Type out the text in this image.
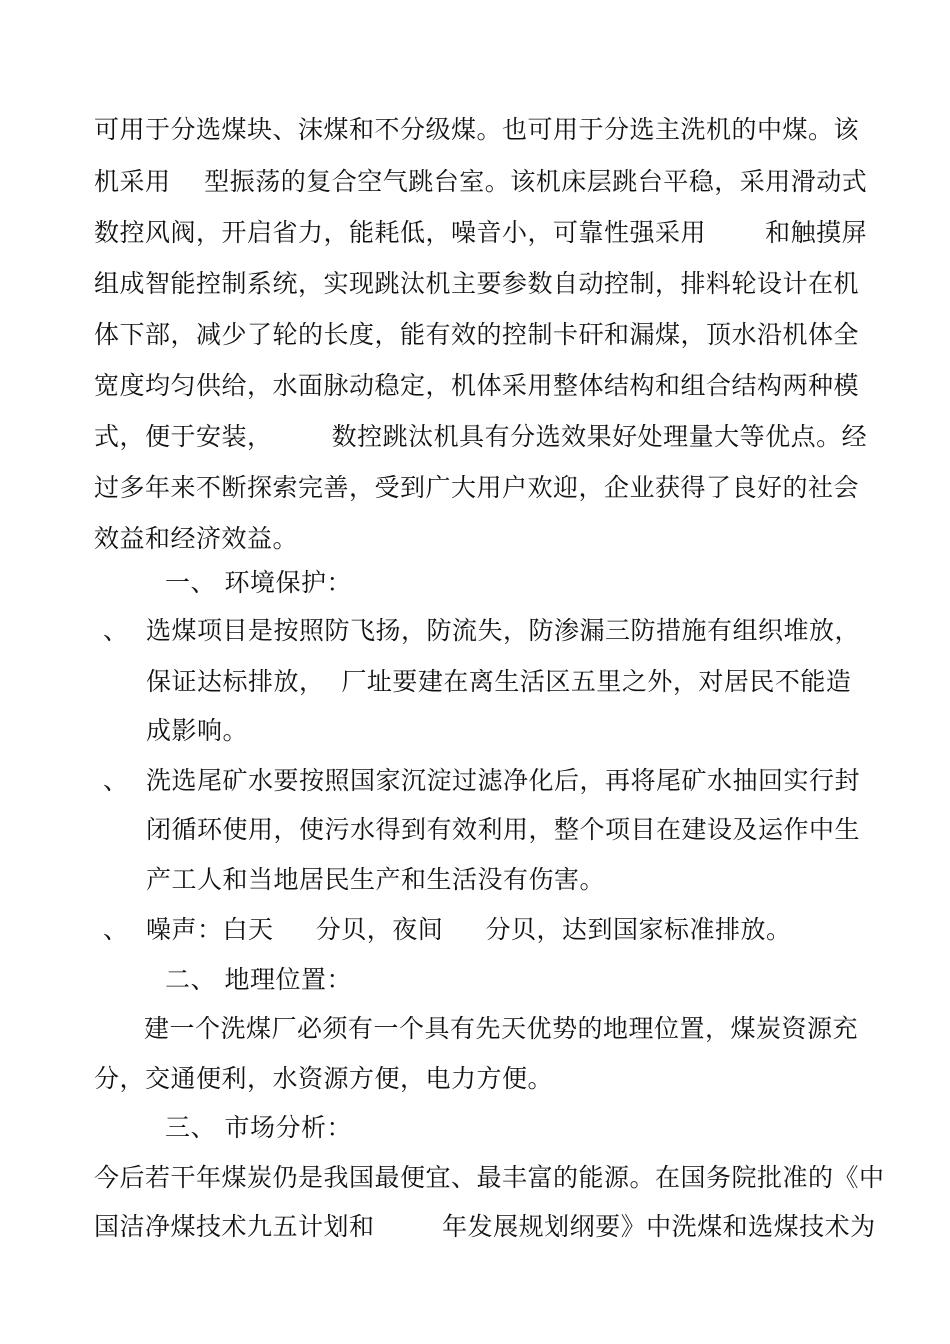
可用于分选煤块、沫煤和不分级煤。也可用于分选主洗机的中煤。该
机采用    型振荡的复合空气跳台室。该机床层跳台平稳，采用滑动式
数控风阀，开启省力，能耗低，噪音小，可靠性强采用       和触摸屏
组成智能控制系统，实现跳汰机主要参数自动控制，排料轮设计在机
体下部，减少了轮的长度，能有效的控制卡矸和漏煤，顶水沿机体全
宽度均匀供给，水面脉动稳定，机体采用整体结构和组合结构两种模
式，便于安装，       数控跳汰机具有分选效果好处理量大等优点。经
过多年来不断探索完善，受到广大用户欢迎，企业获得了良好的社会
效益和经济效益。
一、 环境保护：
、 选煤项目是按照防飞扬，防流失，防渗漏三防措施有组织堆放，
保证达标排放，  厂址要建在离生活区五里之外，对居民不能造
成影响。
、 洗选尾矿水要按照国家沉淀过滤净化后，再将尾矿水抽回实行封
闭循环使用，使污水得到有效利用，整个项目在建设及运作中生
产工人和当地居民生产和生活没有伤害。
、 噪声：白天     分贝，夜间     分贝，达到国家标准排放。
二、 地理位置：
建一个洗煤厂必须有一个具有先天优势的地理位置，煤炭资源充
分，交通便利，水资源方便，电力方便。
三、 市场分析：
今后若干年煤炭仍是我国最便宜、最丰富的能源。在国务院批准的《中
国洁净煤技术九五计划和        年发展规划纲要》中洗煤和选煤技术为
